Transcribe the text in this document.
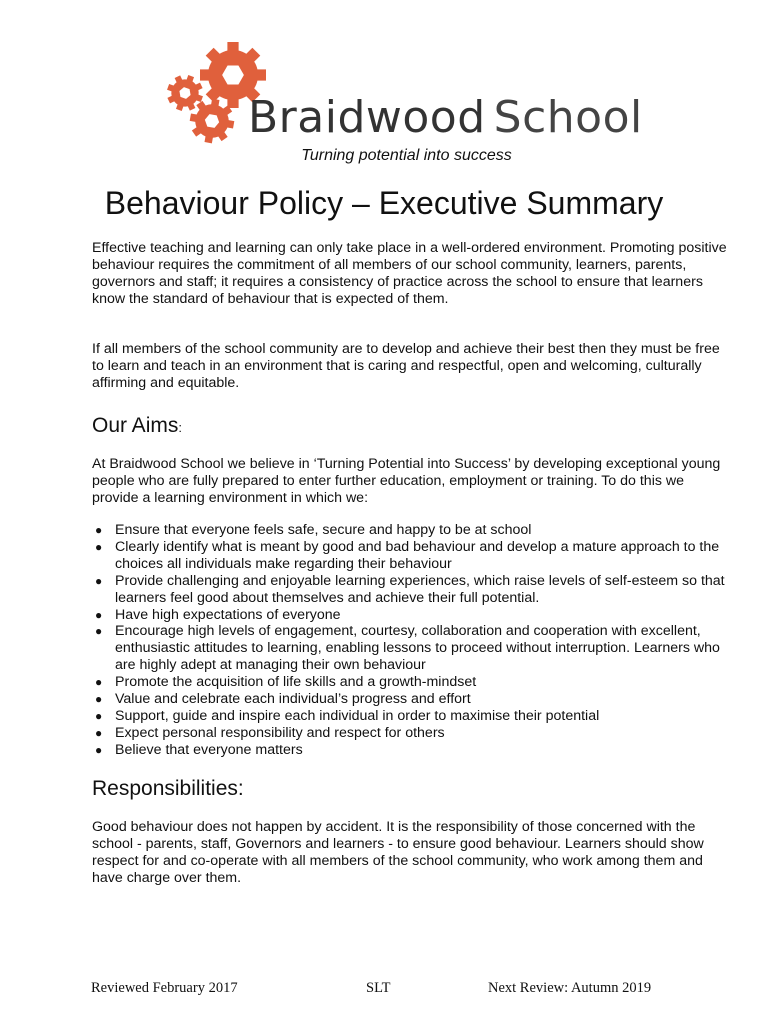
Braidwood School
Turning potential into success
Behaviour Policy – Executive Summary

Effective teaching and learning can only take place in a well-ordered environment. Promoting positive behaviour requires the commitment of all members of our school community, learners, parents, governors and staff; it requires a consistency of practice across the school to ensure that learners know the standard of behaviour that is expected of them.

If all members of the school community are to develop and achieve their best then they must be free to learn and teach in an environment that is caring and respectful, open and welcoming, culturally affirming and equitable.

Our Aims:

At Braidwood School we believe in ‘Turning Potential into Success’ by developing exceptional young people who are fully prepared to enter further education, employment or training. To do this we provide a learning environment in which we:

● Ensure that everyone feels safe, secure and happy to be at school
● Clearly identify what is meant by good and bad behaviour and develop a mature approach to the choices all individuals make regarding their behaviour
● Provide challenging and enjoyable learning experiences, which raise levels of self-esteem so that learners feel good about themselves and achieve their full potential.
● Have high expectations of everyone
● Encourage high levels of engagement, courtesy, collaboration and cooperation with excellent, enthusiastic attitudes to learning, enabling lessons to proceed without interruption. Learners who are highly adept at managing their own behaviour
● Promote the acquisition of life skills and a growth-mindset
● Value and celebrate each individual’s progress and effort
● Support, guide and inspire each individual in order to maximise their potential
● Expect personal responsibility and respect for others
● Believe that everyone matters
Responsibilities:

Good behaviour does not happen by accident. It is the responsibility of those concerned with the school - parents, staff, Governors and learners - to ensure good behaviour. Learners should show respect for and co-operate with all members of the school community, who work among them and have charge over them.

Reviewed February 2017	SLT	Next Review: Autumn 2019
